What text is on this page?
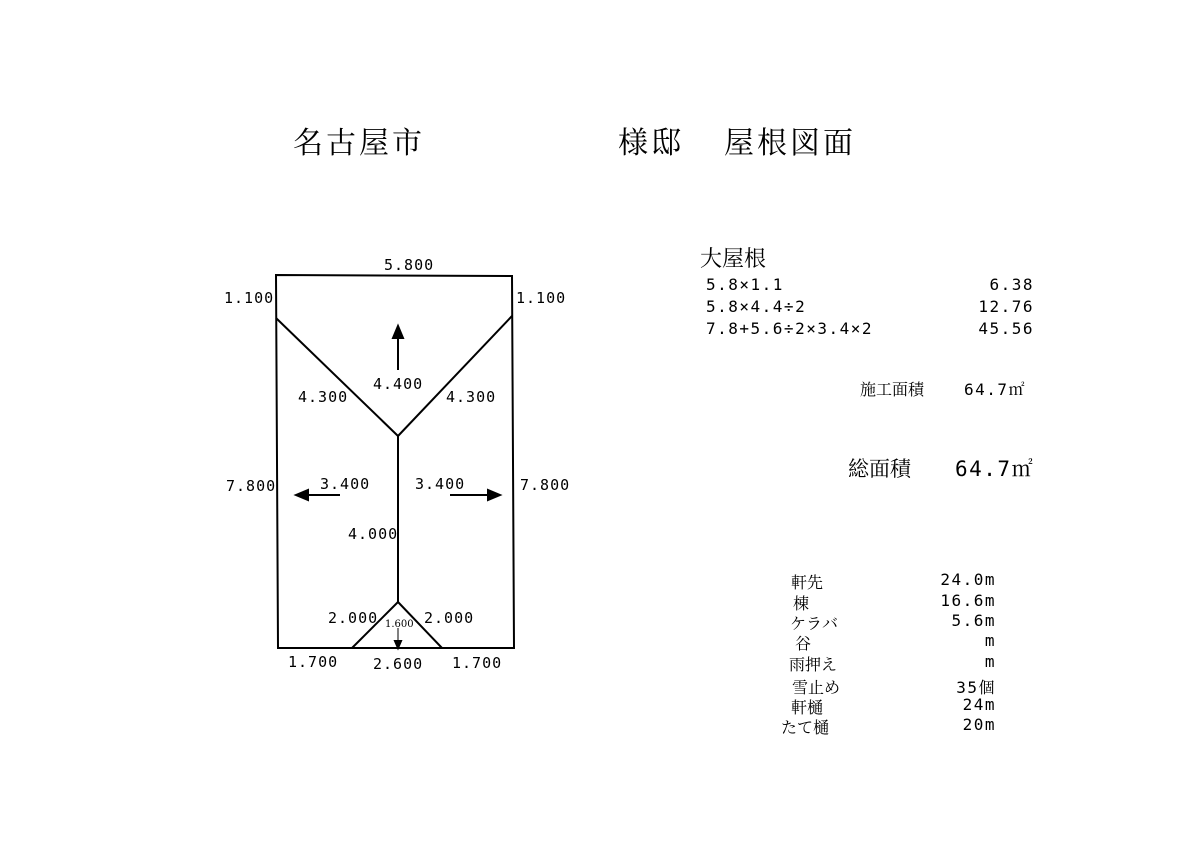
名古屋市	様邸 屋根図面
5.800
1.100	1.100
4.400
4.300	4.300
7.800	7.800
3.400	3.400
4.000
2.000	2.000
1.600
1.700 2.600 1.700
大屋根
5.8×1.1	6.38
5.8×4.4÷2	12.76
7.8+5.6÷2×3.4×2	45.56
施工面積 64.7㎡
総面積 64.7㎡
軒先	24.0m
棟	16.6m
ケラバ	5.6m
谷	m
雨押え	m
雪止め	35個
軒樋	24m
たて樋	20m
